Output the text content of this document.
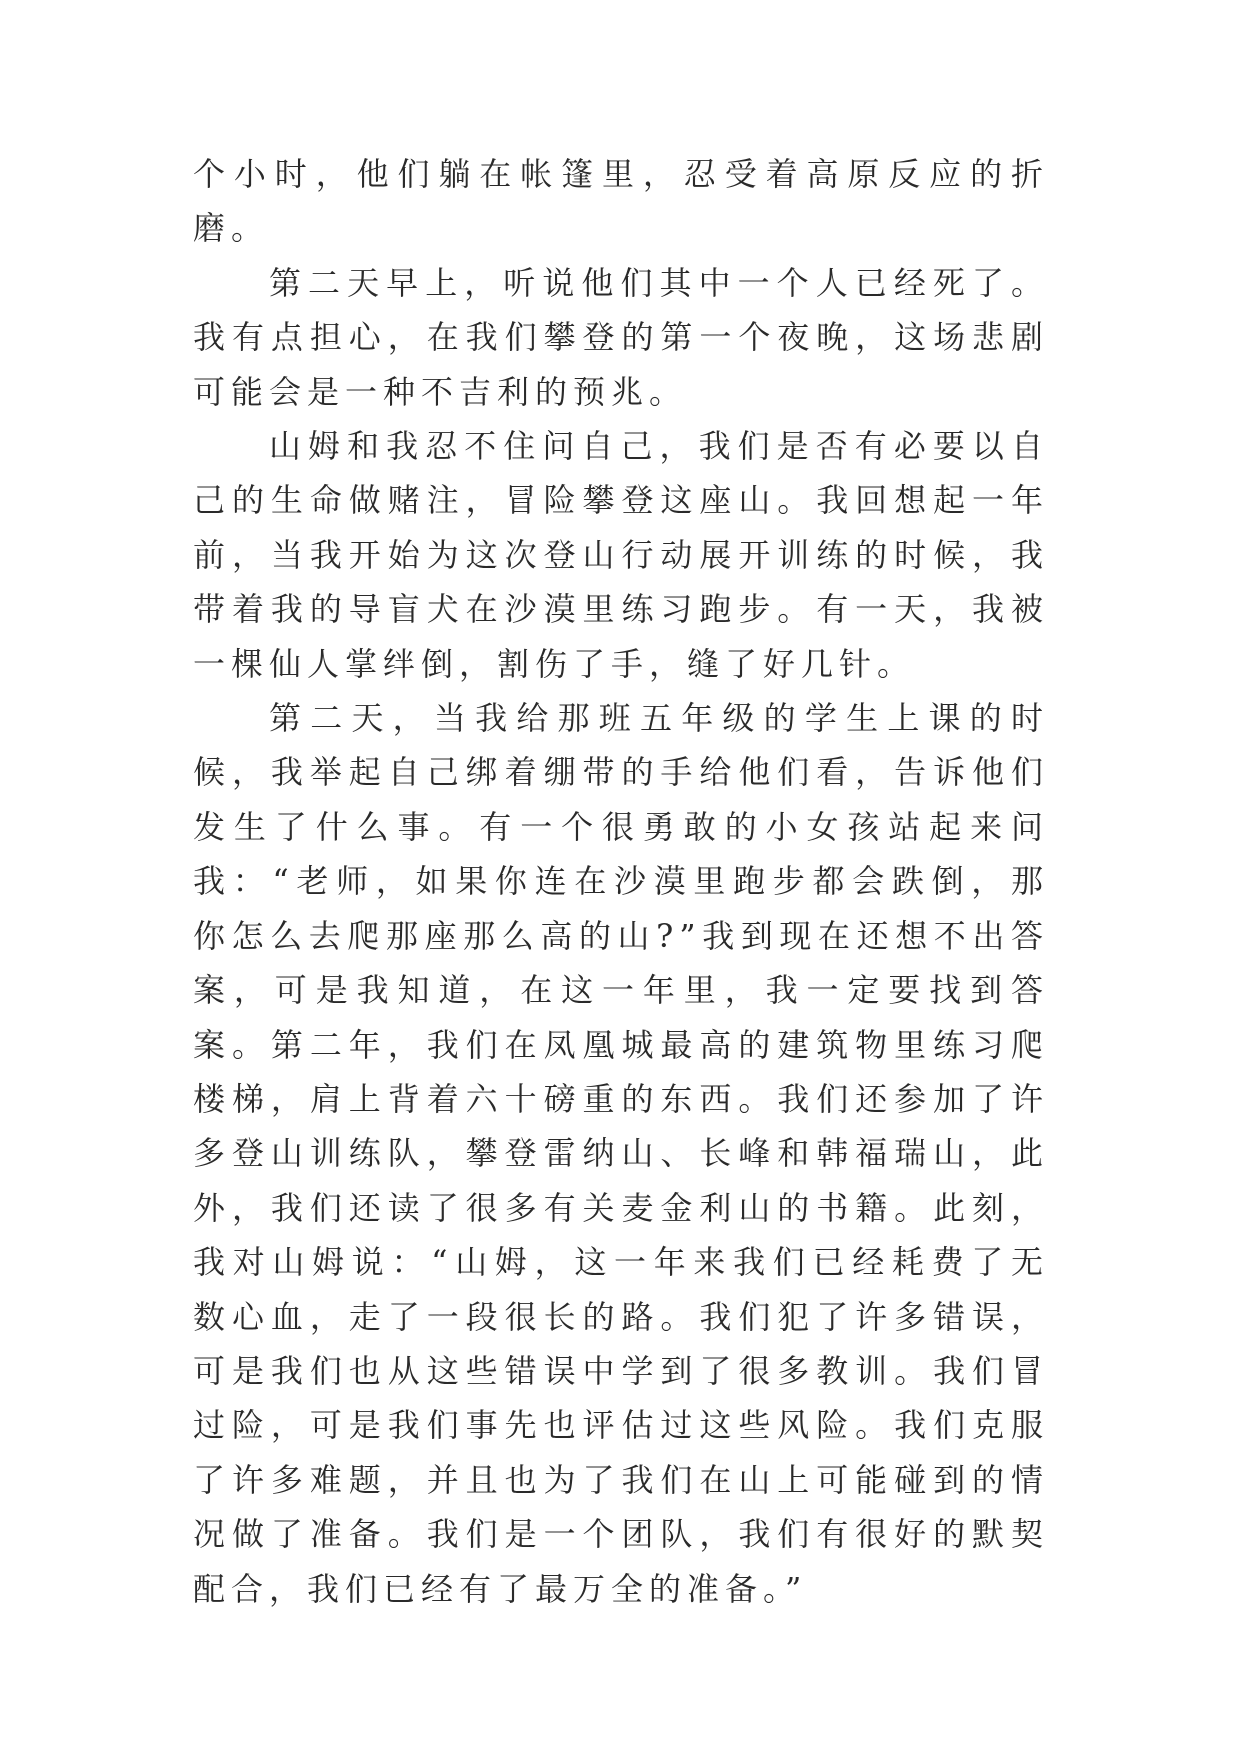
个小时，他们躺在帐篷里，忍受着高原反应的折磨。

第二天早上，听说他们其中一个人已经死了。我有点担心，在我们攀登的第一个夜晚，这场悲剧可能会是一种不吉利的预兆。

山姆和我忍不住问自己，我们是否有必要以自己的生命做赌注，冒险攀登这座山。我回想起一年前，当我开始为这次登山行动展开训练的时候，我带着我的导盲犬在沙漠里练习跑步。有一天，我被一棵仙人掌绊倒，割伤了手，缝了好几针。

第二天，当我给那班五年级的学生上课的时候，我举起自己绑着绷带的手给他们看，告诉他们发生了什么事。有一个很勇敢的小女孩站起来问我：“老师，如果你连在沙漠里跑步都会跌倒，那你怎么去爬那座那么高的山?”我到现在还想不出答案，可是我知道，在这一年里，我一定要找到答案。第二年，我们在凤凰城最高的建筑物里练习爬楼梯，肩上背着六十磅重的东西。我们还参加了许多登山训练队，攀登雷纳山、长峰和韩福瑞山，此外，我们还读了很多有关麦金利山的书籍。此刻，我对山姆说：“山姆，这一年来我们已经耗费了无数心血，走了一段很长的路。我们犯了许多错误，可是我们也从这些错误中学到了很多教训。我们冒过险，可是我们事先也评估过这些风险。我们克服了许多难题，并且也为了我们在山上可能碰到的情况做了准备。我们是一个团队，我们有很好的默契配合，我们已经有了最万全的准备。”
